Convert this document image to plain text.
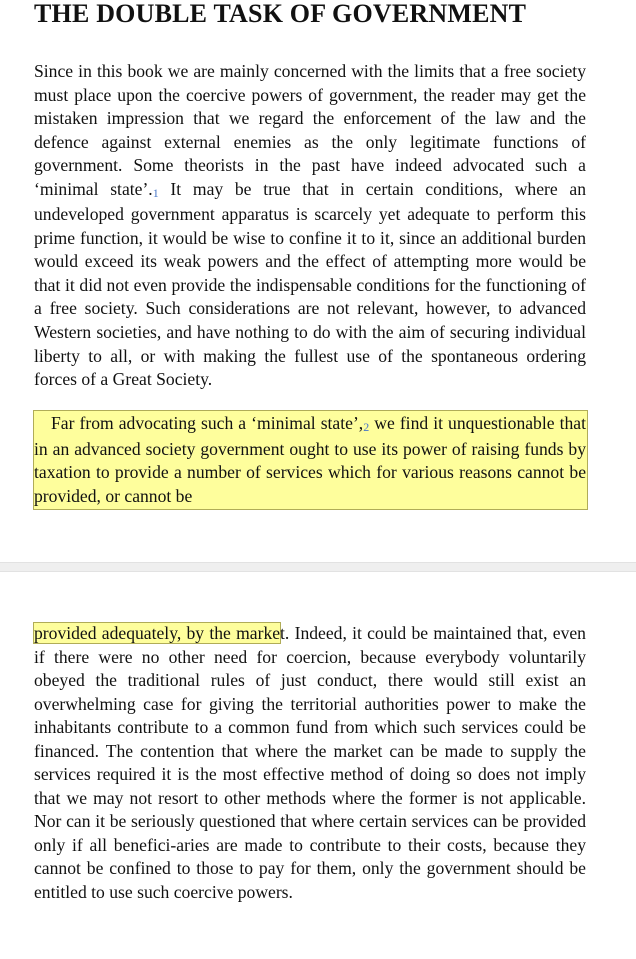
THE DOUBLE TASK OF GOVERNMENT

Since in this book we are mainly concerned with the limits that a free society must place upon the coercive powers of government, the reader may get the mistaken impression that we regard the enforcement of the law and the defence against external enemies as the only legitimate functions of government. Some theorists in the past have indeed advocated such a ‘minimal state’.1 It may be true that in certain conditions, where an undeveloped government apparatus is scarcely yet adequate to perform this prime function, it would be wise to confine it to it, since an additional burden would exceed its weak powers and the effect of attempting more would be that it did not even provide the indispensable conditions for the functioning of a free society. Such considerations are not relevant, however, to advanced Western societies, and have nothing to do with the aim of securing individual liberty to all, or with making the fullest use of the spontaneous ordering forces of a Great Society.

Far from advocating such a ‘minimal state’,2 we find it unquestionable that in an advanced society government ought to use its power of raising funds by taxation to provide a number of services which for various reasons cannot be provided, or cannot be

provided adequately, by the market. Indeed, it could be maintained that, even if there were no other need for coercion, because everybody voluntarily obeyed the traditional rules of just conduct, there would still exist an overwhelming case for giving the territorial authorities power to make the inhabitants contribute to a common fund from which such services could be financed. The contention that where the market can be made to supply the services required it is the most effective method of doing so does not imply that we may not resort to other methods where the former is not applicable. Nor can it be seriously questioned that where certain services can be provided only if all benefici-aries are made to contribute to their costs, because they cannot be confined to those to pay for them, only the government should be entitled to use such coercive powers.
